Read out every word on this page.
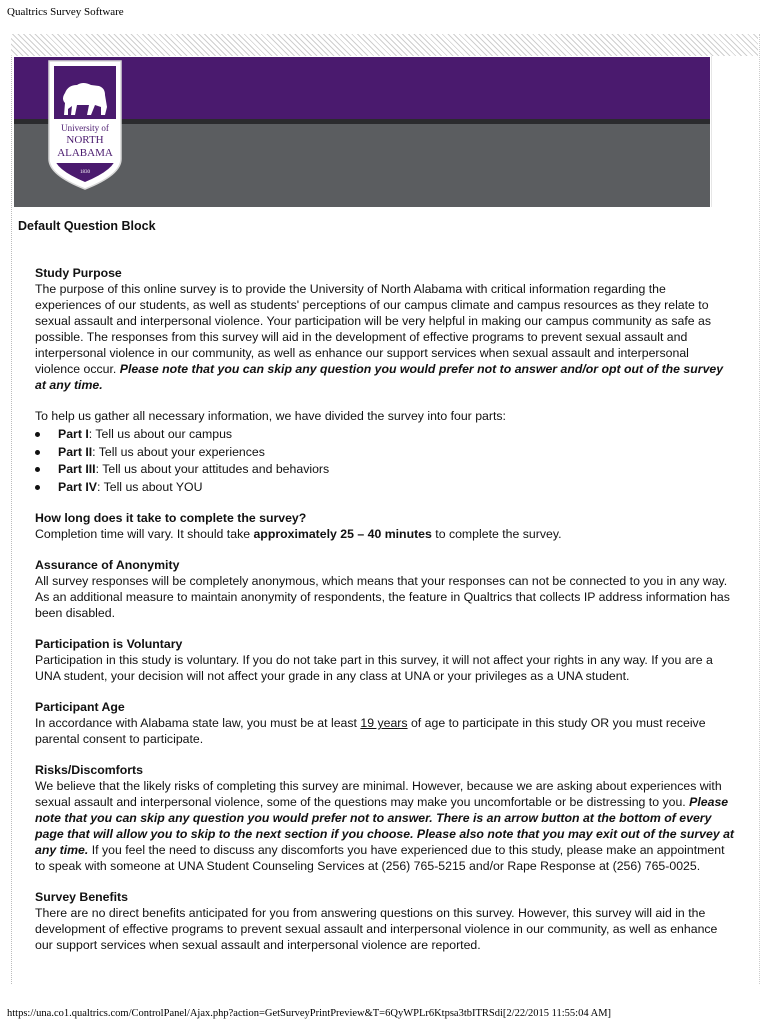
Qualtrics Survey Software
University of
NORTH
ALABAMA
1830
Default Question Block

Study Purpose

The purpose of this online survey is to provide the University of North Alabama with critical information regarding the experiences of our students, as well as students' perceptions of our campus climate and campus resources as they relate to sexual assault and interpersonal violence. Your participation will be very helpful in making our campus community as safe as possible. The responses from this survey will aid in the development of effective programs to prevent sexual assault and interpersonal violence in our community, as well as enhance our support services when sexual assault and interpersonal violence occur. Please note that you can skip any question you would prefer not to answer and/or opt out of the survey at any time.

To help us gather all necessary information, we have divided the survey into four parts:

Part I: Tell us about our campus
Part II: Tell us about your experiences
Part III: Tell us about your attitudes and behaviors
Part IV: Tell us about YOU

How long does it take to complete the survey?

Completion time will vary. It should take approximately 25 – 40 minutes to complete the survey.

Assurance of Anonymity

All survey responses will be completely anonymous, which means that your responses can not be connected to you in any way. As an additional measure to maintain anonymity of respondents, the feature in Qualtrics that collects IP address information has been disabled.

Participation is Voluntary

Participation in this study is voluntary. If you do not take part in this survey, it will not affect your rights in any way. If you are a UNA student, your decision will not affect your grade in any class at UNA or your privileges as a UNA student.

Participant Age

In accordance with Alabama state law, you must be at least 19 years of age to participate in this study OR you must receive parental consent to participate.

Risks/Discomforts

We believe that the likely risks of completing this survey are minimal. However, because we are asking about experiences with sexual assault and interpersonal violence, some of the questions may make you uncomfortable or be distressing to you. Please note that you can skip any question you would prefer not to answer. There is an arrow button at the bottom of every page that will allow you to skip to the next section if you choose. Please also note that you may exit out of the survey at any time. If you feel the need to discuss any discomforts you have experienced due to this study, please make an appointment to speak with someone at UNA Student Counseling Services at (256) 765-5215 and/or Rape Response at (256) 765-0025.

Survey Benefits

There are no direct benefits anticipated for you from answering questions on this survey. However, this survey will aid in the development of effective programs to prevent sexual assault and interpersonal violence in our community, as well as enhance our support services when sexual assault and interpersonal violence are reported.

https://una.co1.qualtrics.com/ControlPanel/Ajax.php?action=GetSurveyPrintPreview&T=6QyWPLr6Ktpsa3tbITRSdi[2/22/2015 11:55:04 AM]
